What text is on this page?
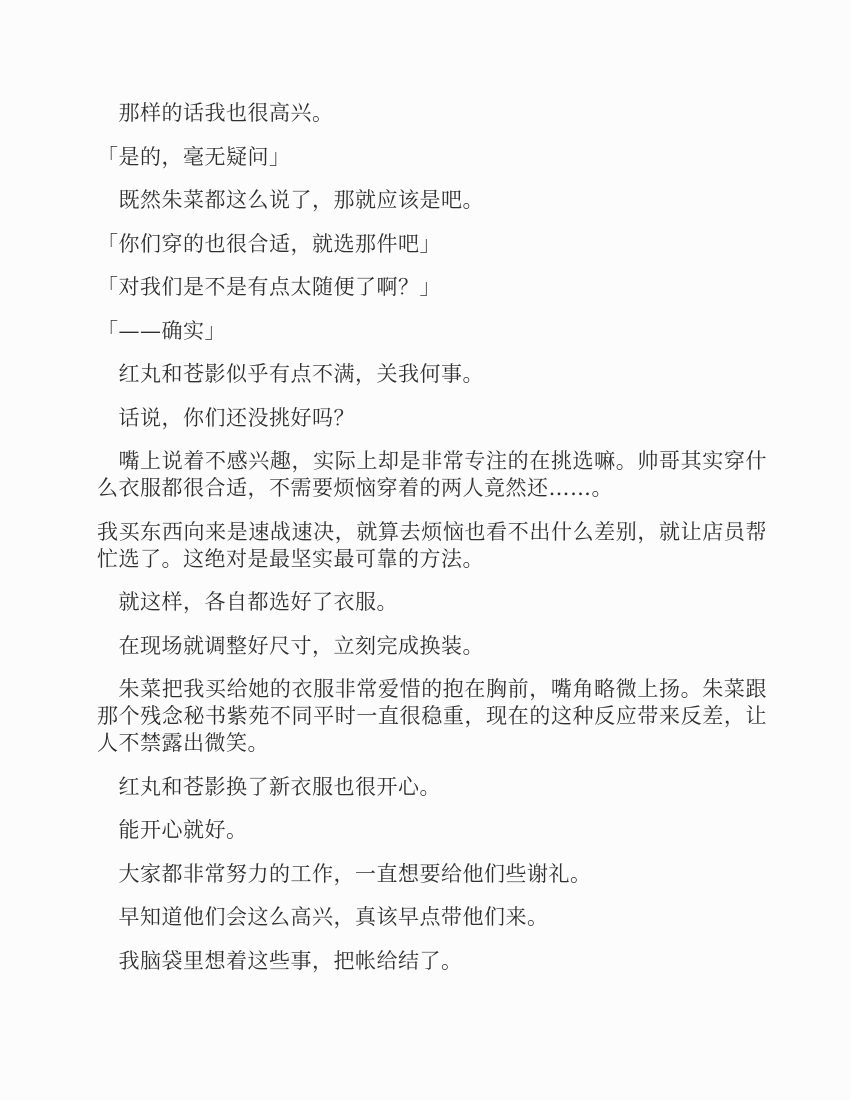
那样的话我也很高兴。

「是的，毫无疑问」

既然朱菜都这么说了，那就应该是吧。

「你们穿的也很合适，就选那件吧」

「对我们是不是有点太随便了啊？」

「——确实」

红丸和苍影似乎有点不满，关我何事。

话说，你们还没挑好吗？

嘴上说着不感兴趣，实际上却是非常专注的在挑选嘛。帅哥其实穿什么衣服都很合适，不需要烦恼穿着的两人竟然还……。

我买东西向来是速战速决，就算去烦恼也看不出什么差别，就让店员帮忙选了。这绝对是最坚实最可靠的方法。

就这样，各自都选好了衣服。

在现场就调整好尺寸，立刻完成换装。

朱菜把我买给她的衣服非常爱惜的抱在胸前，嘴角略微上扬。朱菜跟那个残念秘书紫苑不同平时一直很稳重，现在的这种反应带来反差，让人不禁露出微笑。

红丸和苍影换了新衣服也很开心。

能开心就好。

大家都非常努力的工作，一直想要给他们些谢礼。

早知道他们会这么高兴，真该早点带他们来。

我脑袋里想着这些事，把帐给结了。
